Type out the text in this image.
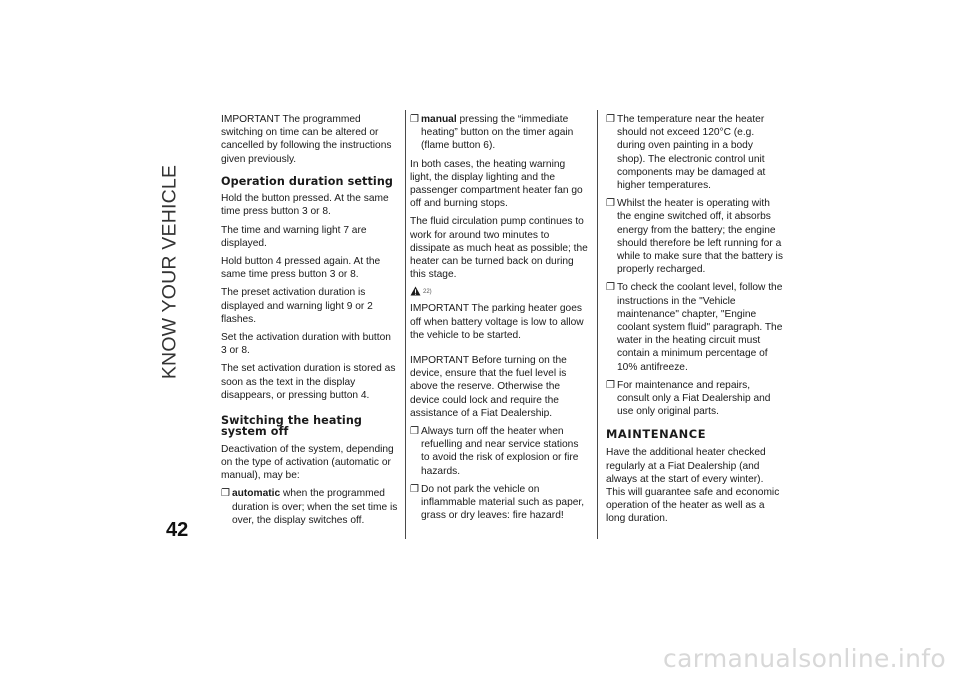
KNOW YOUR VEHICLE
42

IMPORTANT The programmed switching on time can be altered or cancelled by following the instructions given previously.

Operation duration setting

Hold the button pressed. At the same time press button 3 or 8.

The time and warning light 7 are displayed.

Hold button 4 pressed again. At the same time press button 3 or 8.

The preset activation duration is displayed and warning light 9 or 2 flashes.

Set the activation duration with button 3 or 8.

The set activation duration is stored as soon as the text in the display disappears, or pressing button 4.

Switching the heating system off

Deactivation of the system, depending on the type of activation (automatic or manual), may be:

❐ automatic when the programmed duration is over; when the set time is over, the display switches off.
❐ manual pressing the “immediate heating” button on the timer again (flame button 6).

In both cases, the heating warning light, the display lighting and the passenger compartment heater fan go off and burning stops.

The fluid circulation pump continues to work for around two minutes to dissipate as much heat as possible; the heater can be turned back on during this stage.

22)

IMPORTANT The parking heater goes off when battery voltage is low to allow the vehicle to be started.

IMPORTANT Before turning on the device, ensure that the fuel level is above the reserve. Otherwise the device could lock and require the assistance of a Fiat Dealership.

❐ Always turn off the heater when refuelling and near service stations to avoid the risk of explosion or fire hazards.
❐ Do not park the vehicle on inflammable material such as paper, grass or dry leaves: fire hazard!
❐ The temperature near the heater should not exceed 120°C (e.g. during oven painting in a body shop). The electronic control unit components may be damaged at higher temperatures.
❐ Whilst the heater is operating with the engine switched off, it absorbs energy from the battery; the engine should therefore be left running for a while to make sure that the battery is properly recharged.
❐ To check the coolant level, follow the instructions in the "Vehicle maintenance" chapter, "Engine coolant system fluid" paragraph. The water in the heating circuit must contain a minimum percentage of 10% antifreeze.
❐ For maintenance and repairs, consult only a Fiat Dealership and use only original parts.
MAINTENANCE

Have the additional heater checked regularly at a Fiat Dealership (and always at the start of every winter). This will guarantee safe and economic operation of the heater as well as a long duration.

carmanualsonline.info
